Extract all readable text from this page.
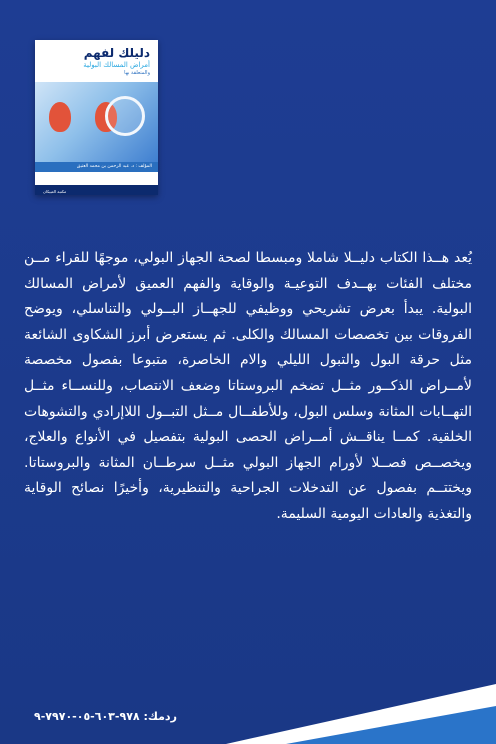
دليلك لفهم
أمراض المسالك البولية
والمتعلقة بها
المؤلف : د. عبد الرحمن بن محمد العتيق
مكتبة العبيكان

يُعد هــذا الكتاب دليــلا شاملا ومبسطا لصحة الجهاز البولي، موجهًا للقراء مــن مختلف الفئات بهــدف التوعيـة والوقاية والفهم العميق لأمراض المسالك البولية. يبدأ بعرض تشريحي ووظيفي للجهــاز البــولي والتناسلي، ويوضح الفروقات بين تخصصات المسالك والكلى. ثم يستعرض أبرز الشكاوى الشائعة مثل حرقة البول والتبول الليلي والام الخاصرة، متبوعا بفصول مخصصة لأمــراض الذكــور مثــل تضخم البروستاتا وضعف الانتصاب، وللنســاء مثــل التهــابات المثانة وسلس البول، وللأطفــال مــثل التبــول اللاإرادي والتشوهات الخلقية. كمــا يناقــش أمــراض الحصى البولية بتفصيل في الأنواع والعلاج، ويخصــص فصــلا لأورام الجهاز البولي مثــل سرطــان المثانة والبروستاتا. ويختتــم بفصول عن التدخلات الجراحية والتنظيرية، وأخيرًا نصائح الوقاية والتغذية والعادات اليومية السليمة.

ردمك: ٩٧٨-٦٠٣-٠٥-٧٩٧٠-٩
